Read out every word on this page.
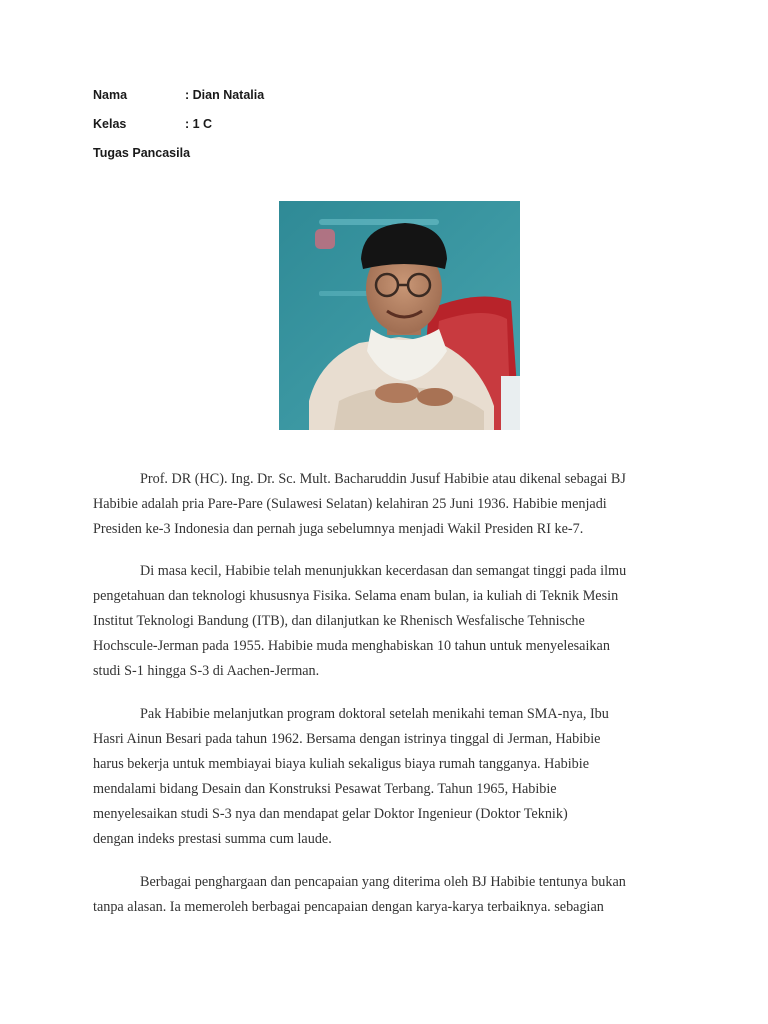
Nama	: Dian Natalia
Kelas	: 1 C
Tugas Pancasila

Prof. DR (HC). Ing. Dr. Sc. Mult. Bacharuddin Jusuf Habibie atau dikenal sebagai BJ
Habibie adalah pria Pare-Pare (Sulawesi Selatan) kelahiran 25 Juni 1936. Habibie menjadi
Presiden ke-3 Indonesia dan pernah juga sebelumnya menjadi Wakil Presiden RI ke-7.

Di masa kecil, Habibie telah menunjukkan kecerdasan dan semangat tinggi pada ilmu
pengetahuan dan teknologi khususnya Fisika. Selama enam bulan, ia kuliah di Teknik Mesin
Institut Teknologi Bandung (ITB), dan dilanjutkan ke Rhenisch Wesfalische Tehnische
Hochscule-Jerman pada 1955. Habibie muda menghabiskan 10 tahun untuk menyelesaikan
studi S-1 hingga S-3 di Aachen-Jerman.

Pak Habibie melanjutkan program doktoral setelah menikahi teman SMA-nya, Ibu
Hasri Ainun Besari pada tahun 1962. Bersama dengan istrinya tinggal di Jerman, Habibie
harus bekerja untuk membiayai biaya kuliah sekaligus biaya rumah tangganya. Habibie
mendalami bidang Desain dan Konstruksi Pesawat Terbang. Tahun 1965, Habibie
menyelesaikan studi S-3 nya dan mendapat gelar Doktor Ingenieur (Doktor Teknik)
dengan indeks prestasi summa cum laude.

Berbagai penghargaan dan pencapaian yang diterima oleh BJ Habibie tentunya bukan
tanpa alasan. Ia memeroleh berbagai pencapaian dengan karya-karya terbaiknya. sebagian
